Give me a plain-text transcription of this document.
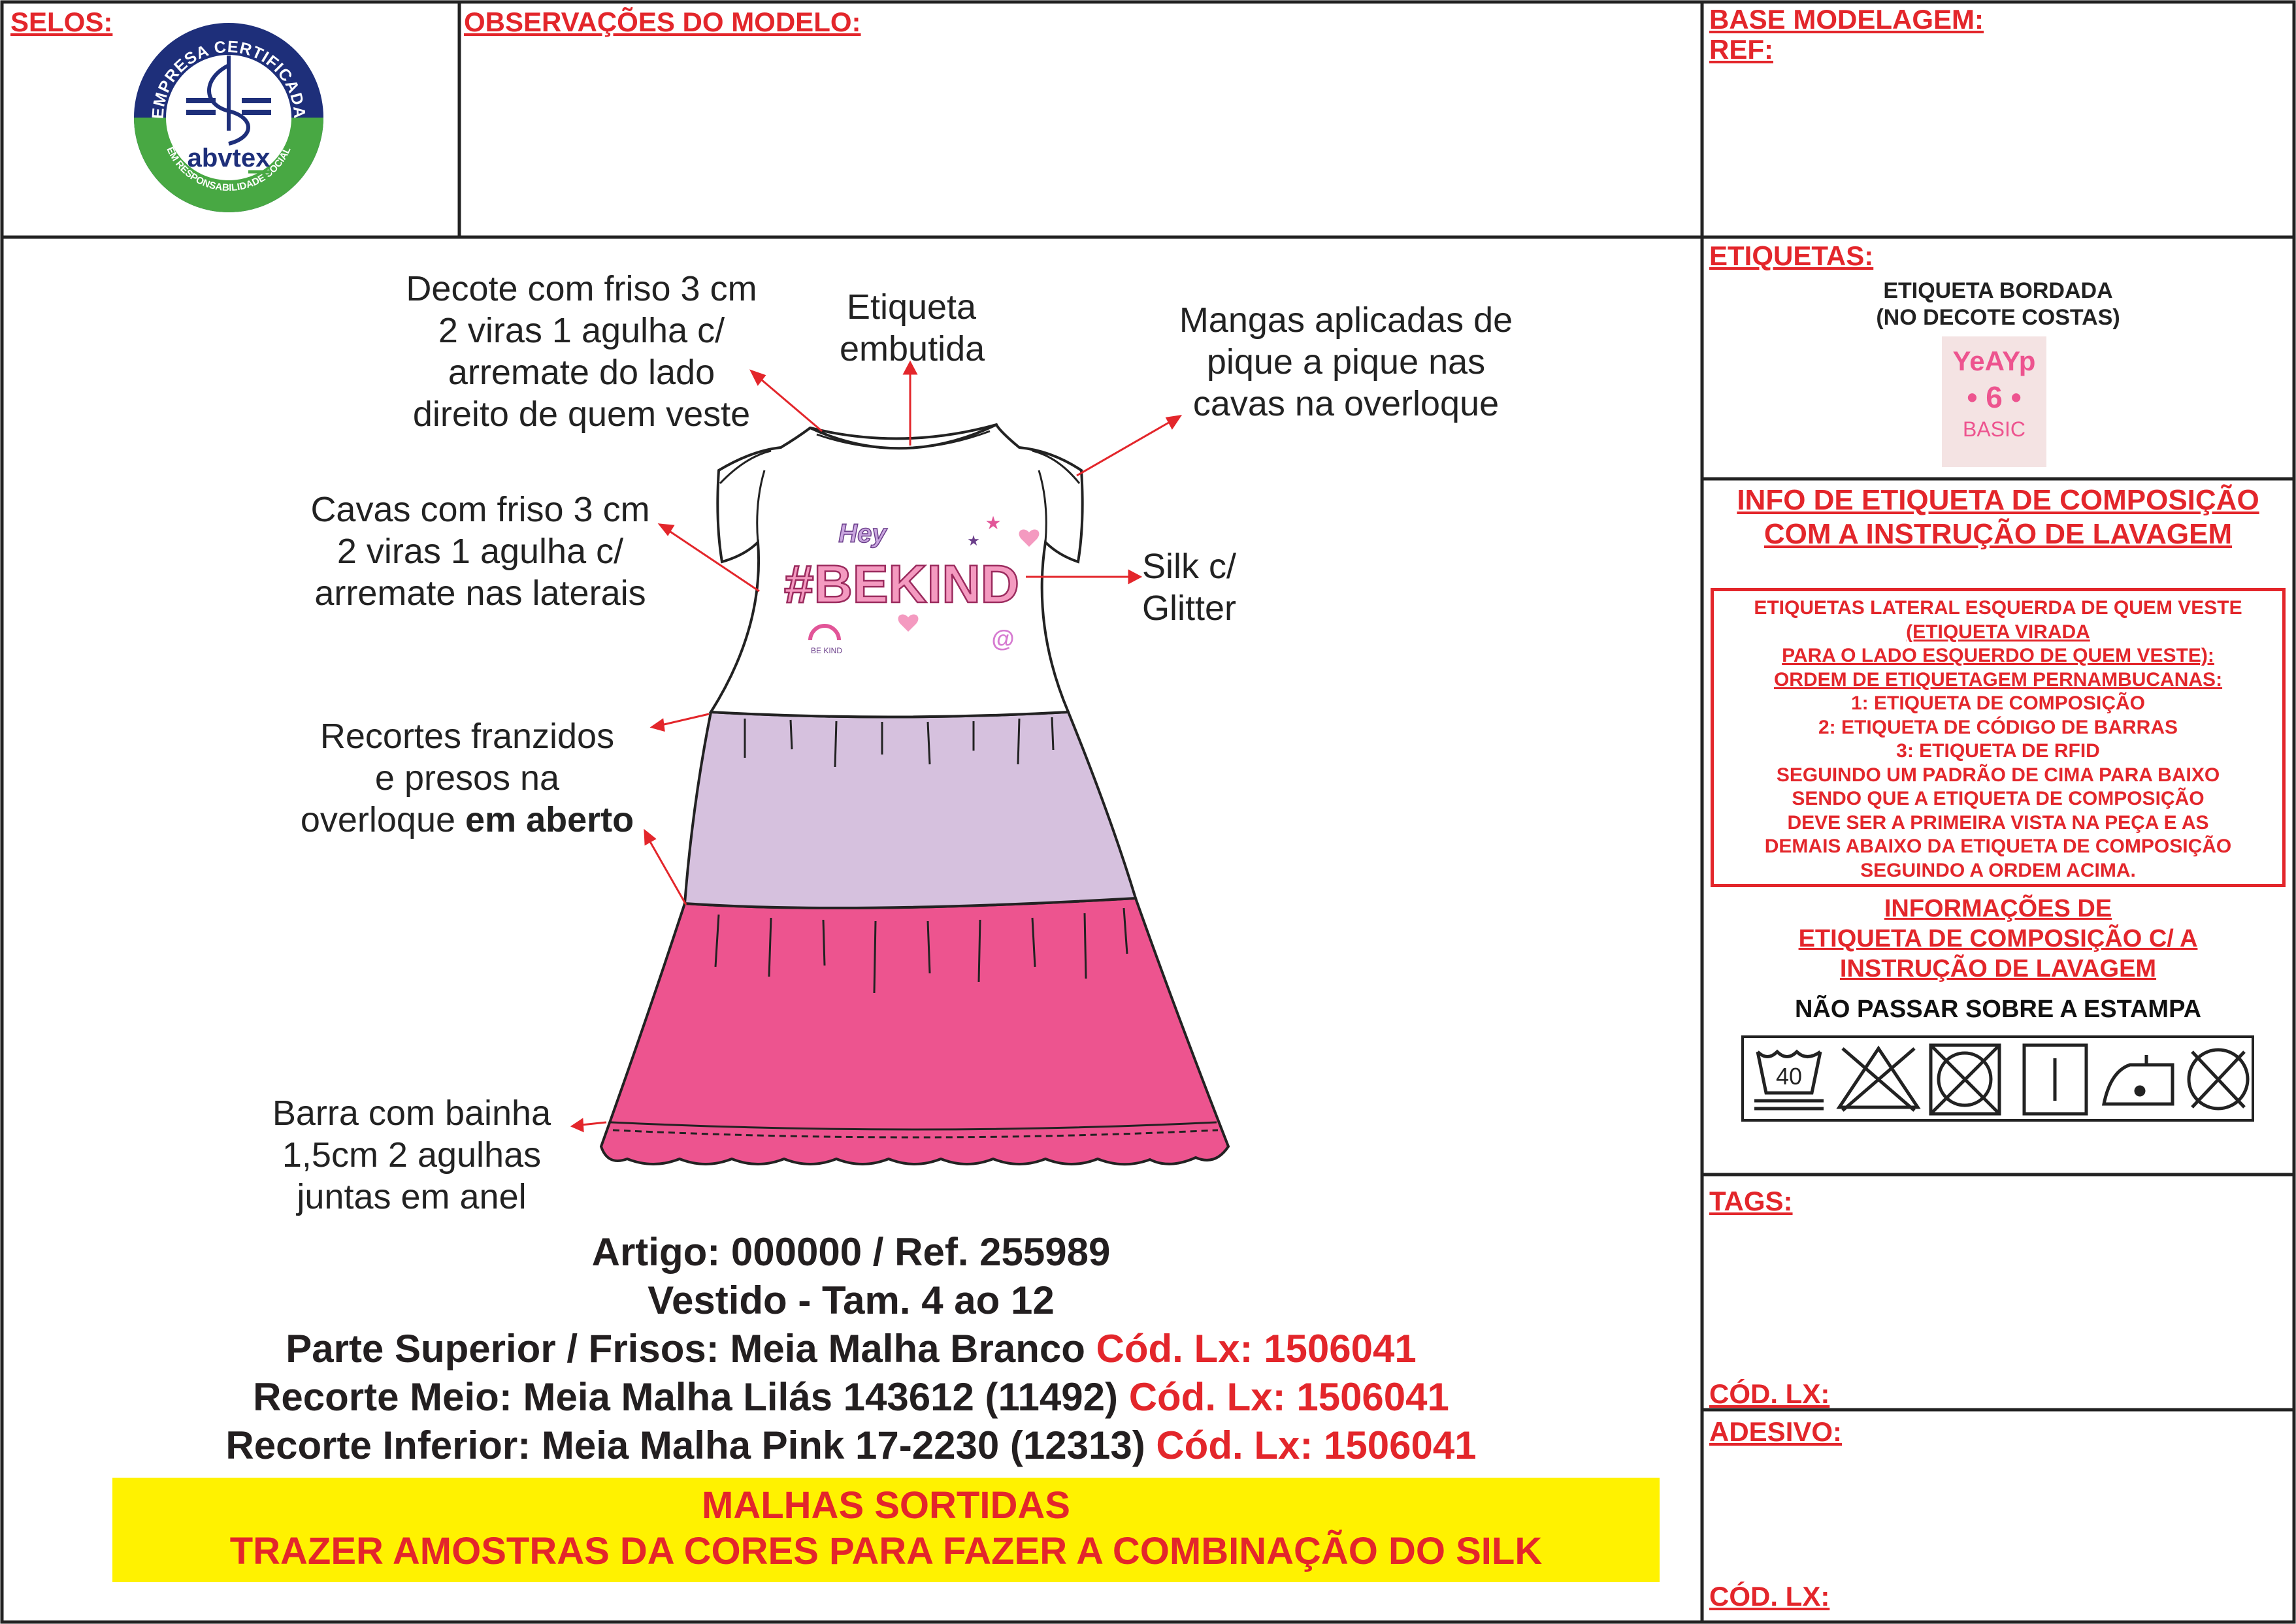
SELOS:	OBSERVAÇÕES DO MODELO:	BASE MODELAGEM:
REF:
EMPRESA CERTIFICADA
EM RESPONSABILIDADE SOCIAL
abvtex
Hey
#BEKIND
BE KIND	@
★
★
Decote com friso 3 cm
2 viras 1 agulha c/
arremate do lado
direito de quem veste
Etiqueta
embutida
Mangas aplicadas de
pique a pique nas
cavas na overloque
Cavas com friso 3 cm
2 viras 1 agulha c/
arremate nas laterais
Silk c/
Glitter
Recortes franzidos
e presos na
overloque em aberto
Barra com bainha
1,5cm 2 agulhas
juntas em anel
Artigo: 000000 / Ref. 255989
Vestido - Tam. 4 ao 12
Parte Superior / Frisos: Meia Malha Branco Cód. Lx: 1506041
Recorte Meio: Meia Malha Lilás 143612 (11492) Cód. Lx: 1506041
Recorte Inferior: Meia Malha Pink 17-2230 (12313) Cód. Lx: 1506041
MALHAS SORTIDAS
TRAZER AMOSTRAS DA CORES PARA FAZER A COMBINAÇÃO DO SILK
ETIQUETAS:
ETIQUETA BORDADA
(NO DECOTE COSTAS)
YeAYp
• 6 •
BASIC
INFO DE ETIQUETA DE COMPOSIÇÃO
COM A INSTRUÇÃO DE LAVAGEM
ETIQUETAS LATERAL ESQUERDA DE QUEM VESTE
(ETIQUETA VIRADA
PARA O LADO ESQUERDO DE QUEM VESTE):
ORDEM DE ETIQUETAGEM PERNAMBUCANAS:
1: ETIQUETA DE COMPOSIÇÃO
2: ETIQUETA DE CÓDIGO DE BARRAS
3: ETIQUETA DE RFID
SEGUINDO UM PADRÃO DE CIMA PARA BAIXO
SENDO QUE A ETIQUETA DE COMPOSIÇÃO
DEVE SER A PRIMEIRA VISTA NA PEÇA E AS
DEMAIS ABAIXO DA ETIQUETA DE COMPOSIÇÃO
SEGUINDO A ORDEM ACIMA.
INFORMAÇÕES DE
ETIQUETA DE COMPOSIÇÃO C/ A
INSTRUÇÃO DE LAVAGEM
NÃO PASSAR SOBRE A ESTAMPA
40
TAGS:
CÓD. LX:
ADESIVO:
CÓD. LX:
